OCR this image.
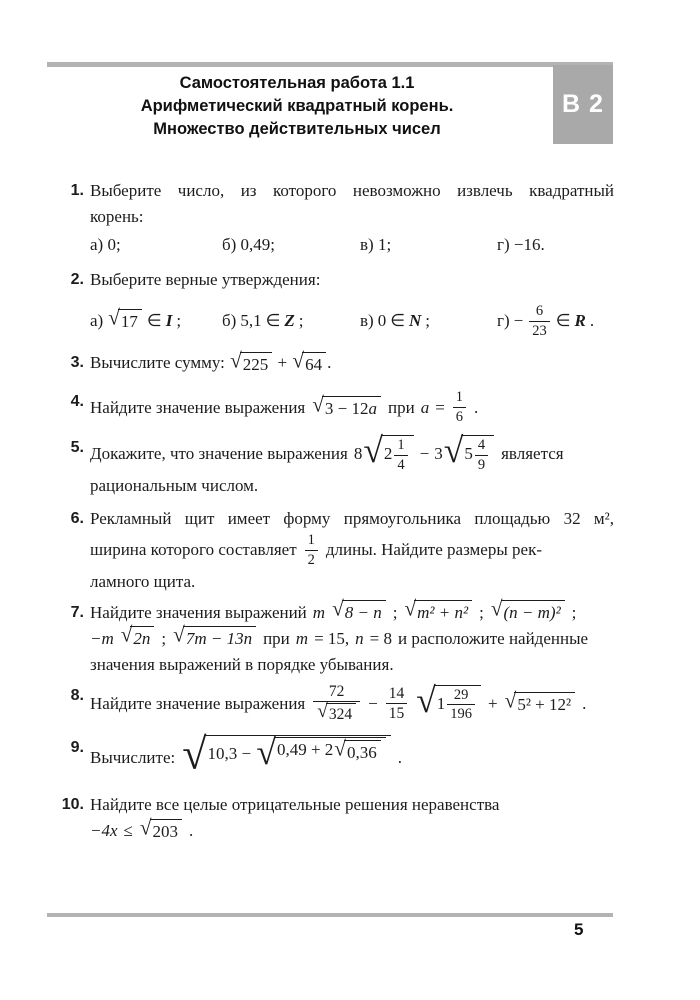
Самостоятельная работа 1.1
Арифметический квадратный корень.
Множество действительных чисел
В 2
1. Выберите число, из которого невозможно извлечь квадратный
корень:
а) 0;	б) 0,49;	в) 1;	г) −16.
2. Выберите верные утверждения:
а) √ 17 ∈ I ; б) 5,1 ∈ Z ;	в) 0 ∈ N ;	$г) - \frac{6}{23}$ ∈ R .
3. Вычислите сумму: √ 225 + √ 64 .
4. Найдите значение выражения √ 3 − 12a при $a = \frac{1}{6}$ .
5. Докажите, что значение выражения 8 √ $2 \frac{1}{4} - 3$ √ $5 \frac{4}{9}$ является
рациональным числом.
6. Рекламный щит имеет форму прямоугольника площадью 32 м²,
ширина которого составляет $\frac{1}{2}$ длины. Найдите размеры рек-
ламного щита.
7. Найдите значения выражений m √ 8 − n ; √ m² + n² ; √ (n − m)² ;
−m √ 2n ; √ 7m − 13n при m = 15, n = 8 и расположите найденные
значения выражений в порядке убывания.
8. Найдите значение выражения $\frac{72}{√ 324} - \frac{14}{15}$ √ $1 \frac{29}{196}$ + √ 5² + 12² .
9. Вычислите: √ 10,3 − √ 0,49 + 2 √ 0,36 .
10. Найдите все целые отрицательные решения неравенства
−4x ≤ √ 203 .
5
